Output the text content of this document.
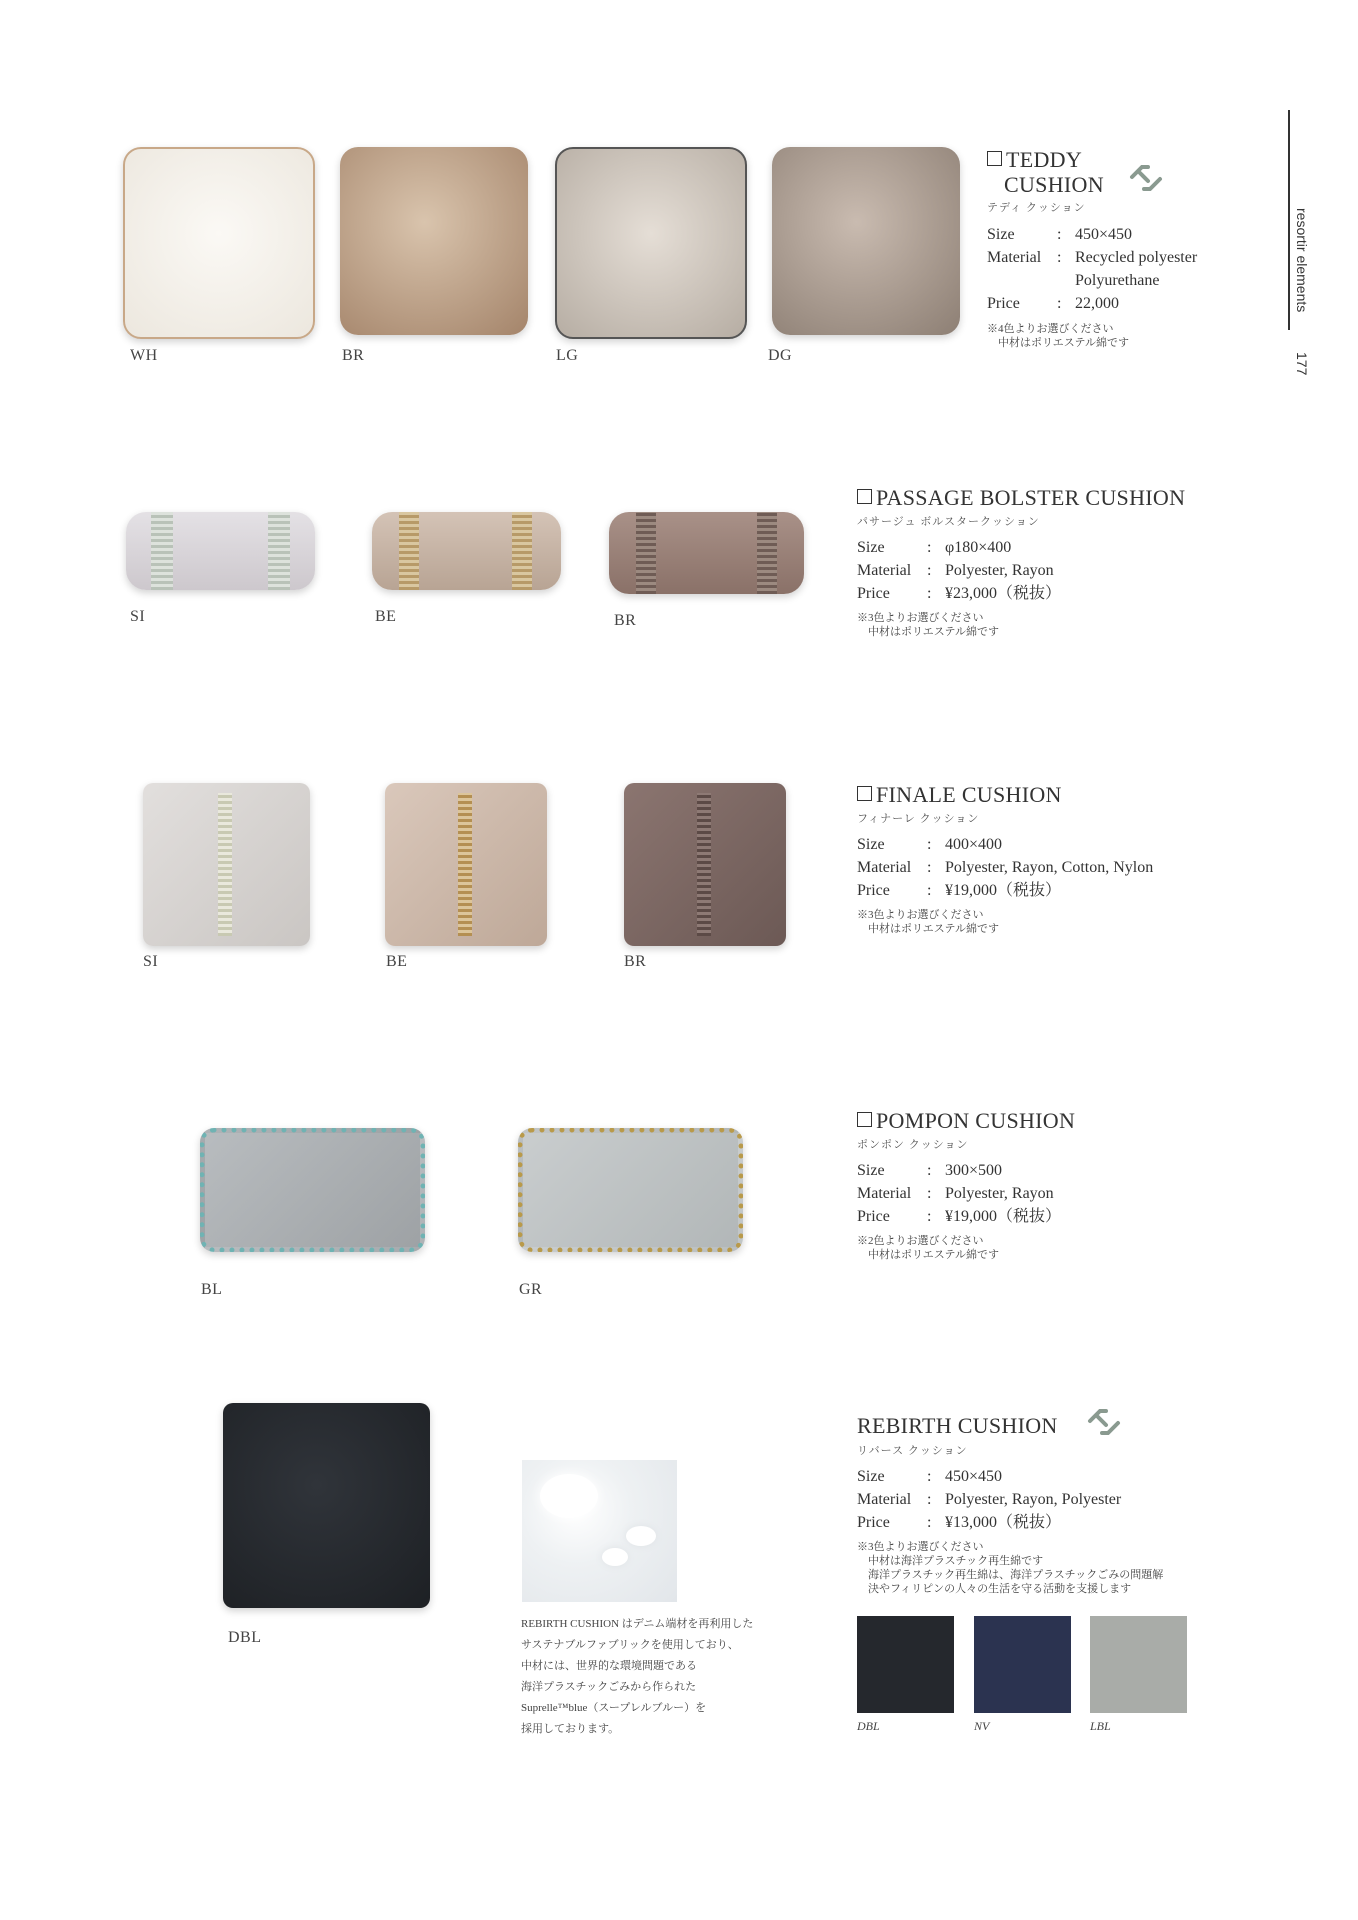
resortir elements
177
WH	BR	LG	DG
TEDDY
CUSHION
テディ クッション
Size	: 450×450
Material : Recycled polyester
Polyurethane
Price	: 22,000
※4色よりお選びください
　中材はポリエステル綿です
SI	BE	BR
PASSAGE BOLSTER CUSHION
パサージュ ボルスタークッション
Size	: φ180×400
Material : Polyester, Rayon
Price	: ¥23,000（税抜）
※3色よりお選びください
　中材はポリエステル綿です
SI	BE	BR
FINALE CUSHION
フィナーレ クッション
Size	: 400×400
Material : Polyester, Rayon, Cotton, Nylon
Price	: ¥19,000（税抜）
※3色よりお選びください
　中材はポリエステル綿です
BL	GR
POMPON CUSHION
ポンポン クッション
Size	: 300×500
Material : Polyester, Rayon
Price	: ¥19,000（税抜）
※2色よりお選びください
　中材はポリエステル綿です
DBL
REBIRTH CUSHION はデニム端材を再利用した
サステナブルファブリックを使用しており、
中材には、世界的な環境問題である
海洋プラスチックごみから作られた
Suprelle™blue（スープレルブルー）を
採用しております。
REBIRTH CUSHION
リバース クッション
Size	: 450×450
Material : Polyester, Rayon, Polyester
Price	: ¥13,000（税抜）
※3色よりお選びください
　中材は海洋プラスチック再生綿です
　海洋プラスチック再生綿は、海洋プラスチックごみの問題解
　決やフィリピンの人々の生活を守る活動を支援します
DBL	NV	LBL
